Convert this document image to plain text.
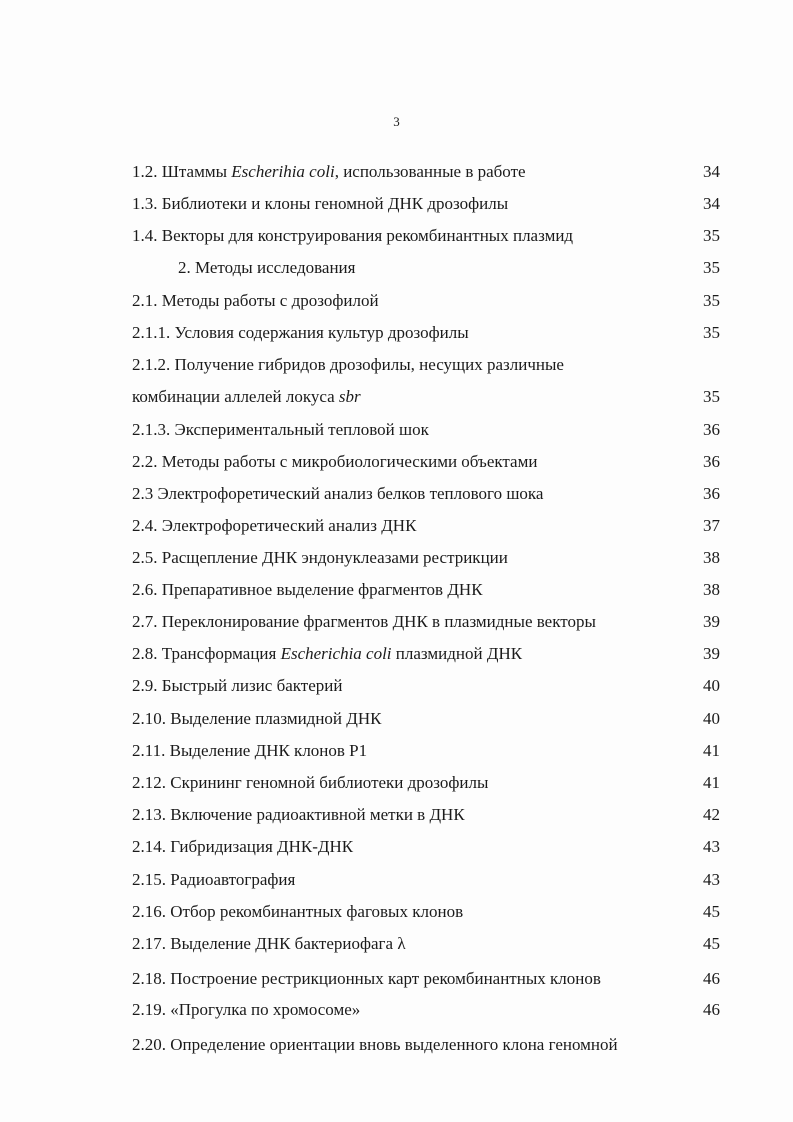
3
1.2. Штаммы Escherihia coli, использованные в работе	34
1.3. Библиотеки и клоны геномной ДНК дрозофилы	34
1.4. Векторы для конструирования рекомбинантных плазмид	35
2. Методы исследования	35
2.1. Методы работы с дрозофилой	35
2.1.1. Условия содержания культур дрозофилы	35
2.1.2. Получение гибридов дрозофилы, несущих различные
комбинации аллелей локуса sbr	35
2.1.3. Экспериментальный тепловой шок	36
2.2. Методы работы с микробиологическими объектами	36
2.3 Электрофоретический анализ белков теплового шока	36
2.4. Электрофоретический анализ ДНК	37
2.5. Расщепление ДНК эндонуклеазами рестрикции	38
2.6. Препаративное выделение фрагментов ДНК	38
2.7. Переклонирование фрагментов ДНК в плазмидные векторы	39
2.8. Трансформация Escherichia coli плазмидной ДНК	39
2.9. Быстрый лизис бактерий	40
2.10. Выделение плазмидной ДНК	40
2.11. Выделение ДНК клонов P1	41
2.12. Скрининг геномной библиотеки дрозофилы	41
2.13. Включение радиоактивной метки в ДНК	42
2.14. Гибридизация ДНК-ДНК	43
2.15. Радиоавтография	43
2.16. Отбор рекомбинантных фаговых клонов	45
2.17. Выделение ДНК бактериофага λ	45
2.18. Построение рестрикционных карт рекомбинантных клонов	46
2.19. «Прогулка по хромосоме»	46
2.20. Определение ориентации вновь выделенного клона геномной
